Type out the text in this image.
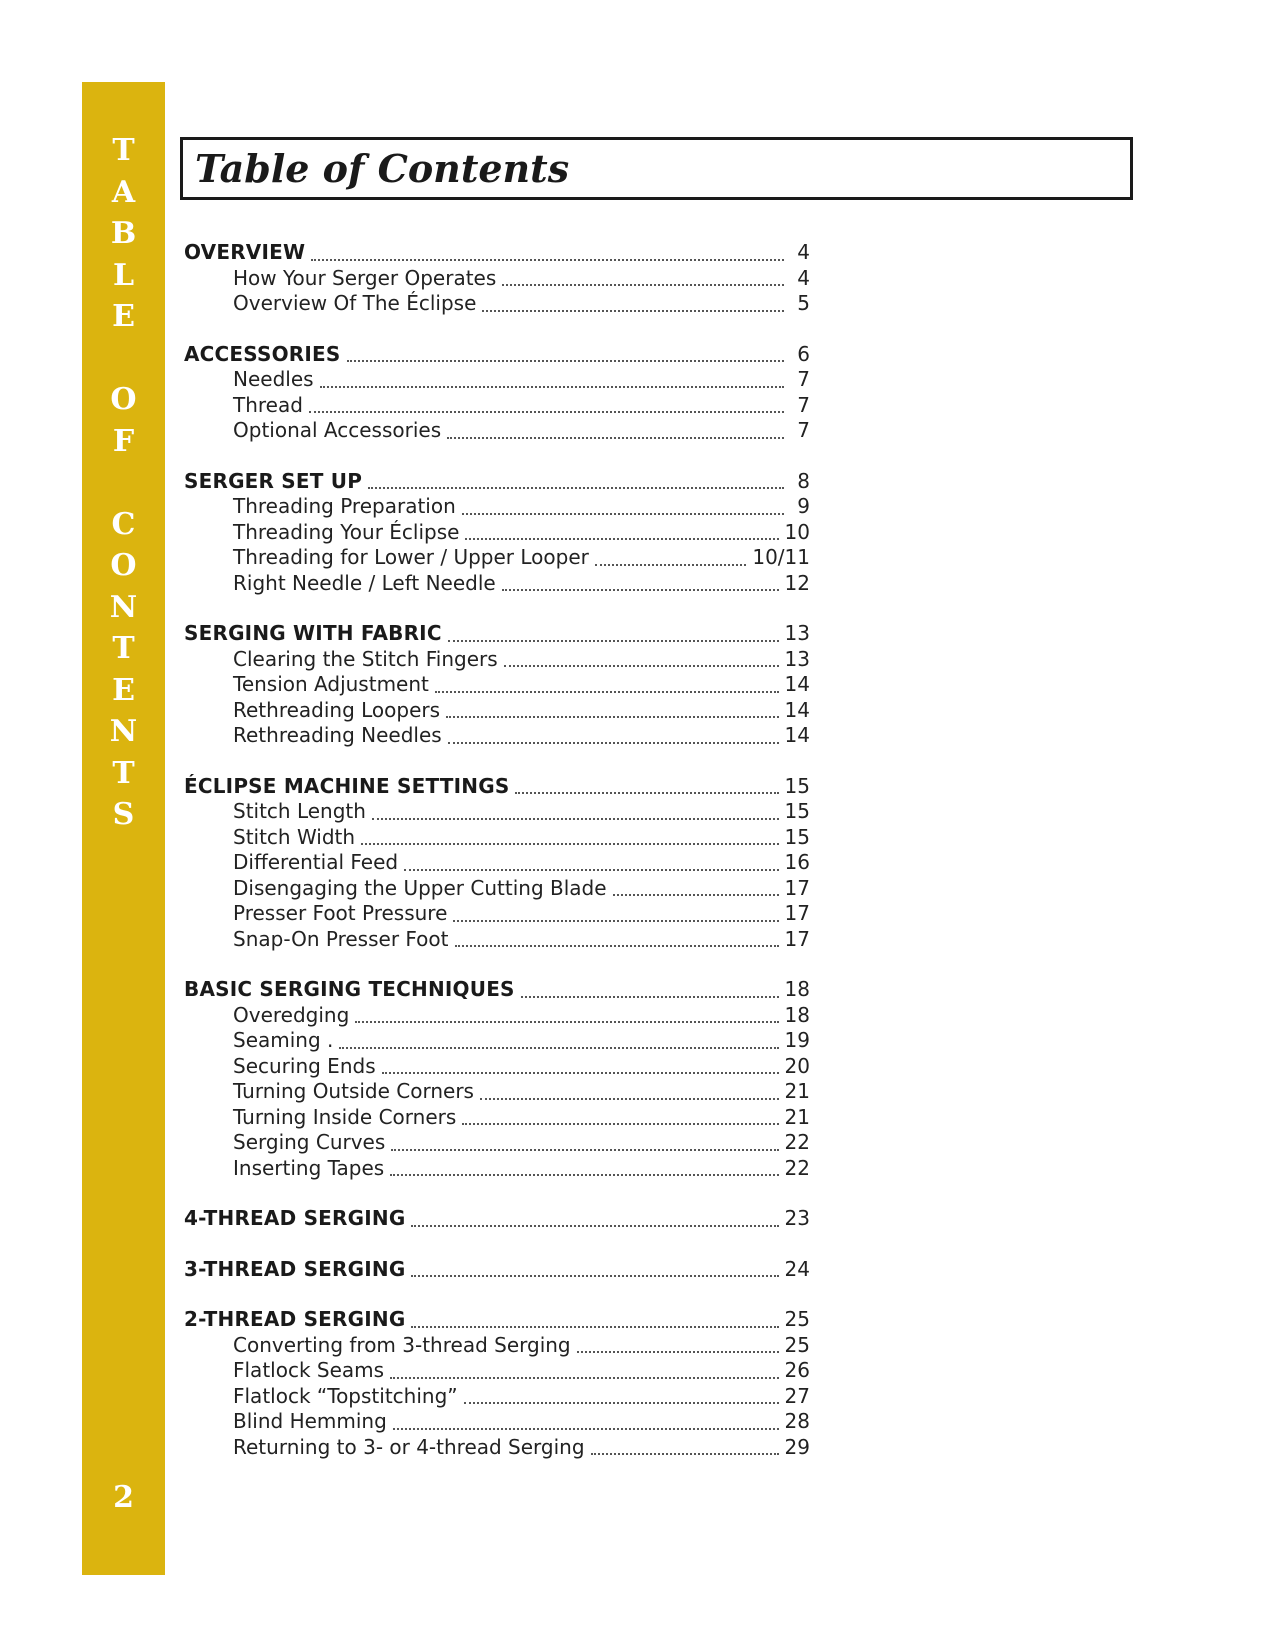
T
A
B
L
E
O
F
C
O
N
T
E
N
T
S
2
Table of Contents
OVERVIEW	4
How Your Serger Operates	4
Overview Of The Éclipse	5
ACCESSORIES	6
Needles	7
Thread	7
Optional Accessories	7
SERGER SET UP	8
Threading Preparation	9
Threading Your Éclipse	10
Threading for Lower / Upper Looper	10/11
Right Needle / Left Needle	12
SERGING WITH FABRIC	13
Clearing the Stitch Fingers	13
Tension Adjustment	14
Rethreading Loopers	14
Rethreading Needles	14
ÉCLIPSE MACHINE SETTINGS	15
Stitch Length	15
Stitch Width	15
Differential Feed	16
Disengaging the Upper Cutting Blade	17
Presser Foot Pressure	17
Snap-On Presser Foot	17
BASIC SERGING TECHNIQUES	18
Overedging	18
Seaming .	19
Securing Ends	20
Turning Outside Corners	21
Turning Inside Corners	21
Serging Curves	22
Inserting Tapes	22
4-THREAD SERGING	23
3-THREAD SERGING	24
2-THREAD SERGING	25
Converting from 3-thread Serging	25
Flatlock Seams	26
Flatlock “Topstitching”	27
Blind Hemming	28
Returning to 3- or 4-thread Serging	29
